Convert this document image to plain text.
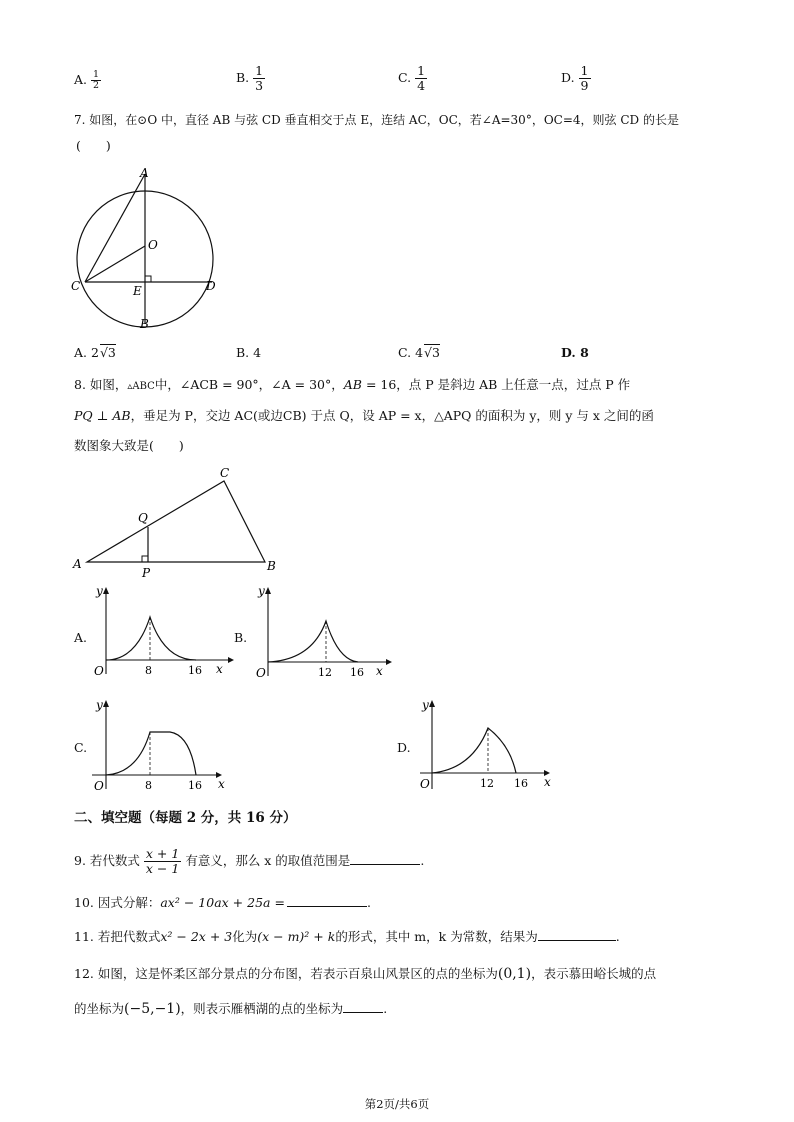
A. $\frac{1}{2}$	B. $\frac{1}{3}$	C. $\frac{1}{4}$	D. $\frac{1}{9}$
7. 如图，在⊙O 中，直径 AB 与弦 CD 垂直相交于点 E，连结 AC，OC，若∠A=30°，OC=4，则弦 CD 的长是
(　　)
A
O
C	E	D
B
A. 2√3	B. 4	C. 4√3	D. 8
8. 如图，▵ABC中，∠ACB = 90°，∠A = 30°，AB = 16，点 P 是斜边 AB 上任意一点，过点 P 作
PQ ⊥ AB，垂足为 P，交边 AC(或边CB) 于点 Q，设 AP = x，△APQ 的面积为 y，则 y 与 x 之间的函
数图象大致是(　　)
A	B
C
P
Q
A.
y
x
O	8	16
B.
y
x
O	12 16
C.
y
x
O	8	16
D.
y
x
O	12 16
二、填空题（每题 2 分，共 16 分）
9. 若代数式 $\frac{x + 1}{x - 1}$ 有意义，那么 x 的取值范围是	.
10. 因式分解：ax² − 10ax + 25a =	.
11. 若把代数式x² − 2x + 3化为(x − m)² + k的形式，其中 m，k 为常数，结果为	.
12. 如图，这是怀柔区部分景点的分布图，若表示百泉山风景区的点的坐标为(0,1)，表示慕田峪长城的点
的坐标为(−5,−1)，则表示雁栖湖的点的坐标为	.
第2页/共6页
